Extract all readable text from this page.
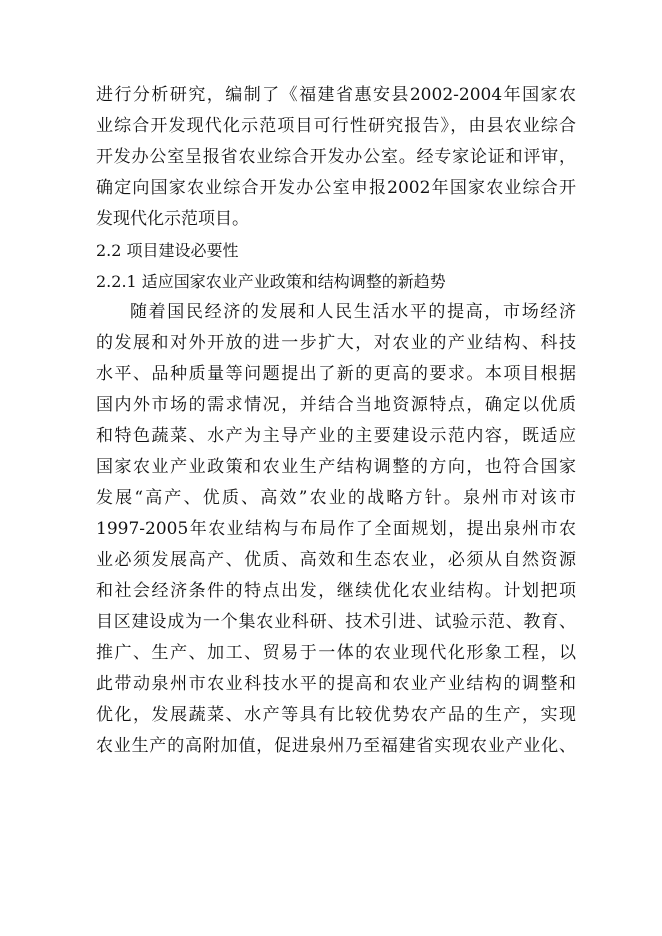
进行分析研究，编制了《福建省惠安县2002-2004年国家农
业综合开发现代化示范项目可行性研究报告》，由县农业综合
开发办公室呈报省农业综合开发办公室。经专家论证和评审，
确定向国家农业综合开发办公室申报2002年国家农业综合开
发现代化示范项目。
2.2 项目建设必要性
2.2.1 适应国家农业产业政策和结构调整的新趋势
随着国民经济的发展和人民生活水平的提高，市场经济
的发展和对外开放的进一步扩大，对农业的产业结构、科技
水平、品种质量等问题提出了新的更高的要求。本项目根据
国内外市场的需求情况，并结合当地资源特点，确定以优质
和特色蔬菜、水产为主导产业的主要建设示范内容，既适应
国家农业产业政策和农业生产结构调整的方向，也符合国家
发展“高产、优质、高效”农业的战略方针。泉州市对该市
1997-2005年农业结构与布局作了全面规划，提出泉州市农
业必须发展高产、优质、高效和生态农业，必须从自然资源
和社会经济条件的特点出发，继续优化农业结构。计划把项
目区建设成为一个集农业科研、技术引进、试验示范、教育、
推广、生产、加工、贸易于一体的农业现代化形象工程，以
此带动泉州市农业科技水平的提高和农业产业结构的调整和
优化，发展蔬菜、水产等具有比较优势农产品的生产，实现
农业生产的高附加值，促进泉州乃至福建省实现农业产业化、
